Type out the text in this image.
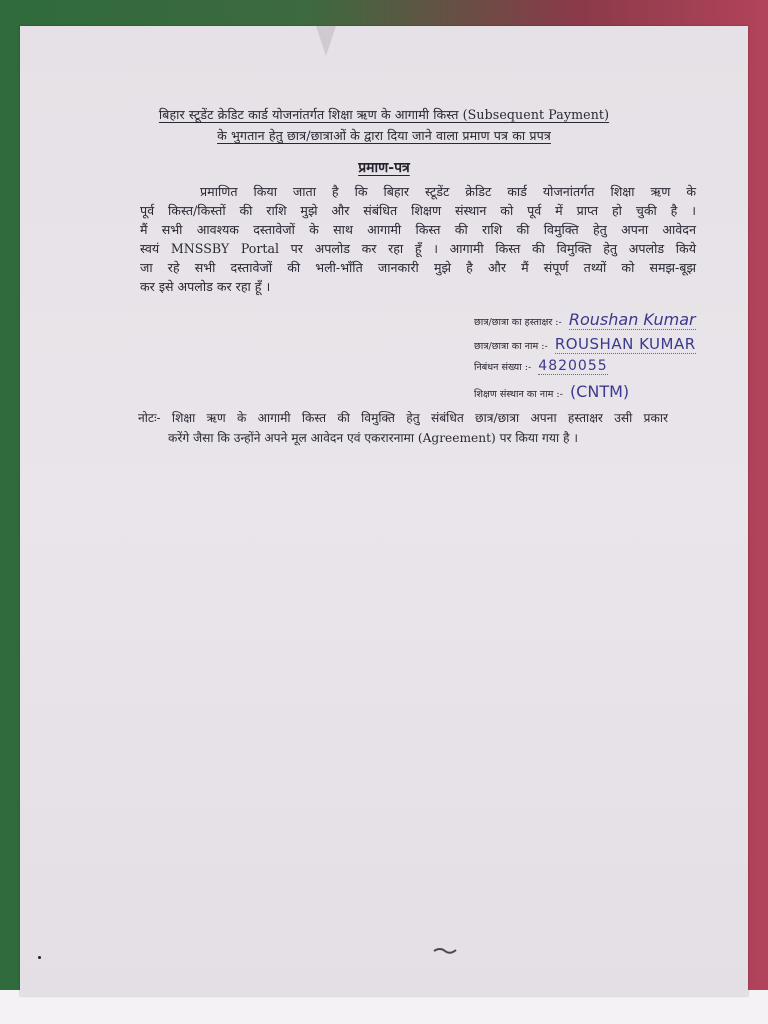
बिहार स्टूडेंट क्रेडिट कार्ड योजनांतर्गत शिक्षा ऋण के आगामी किस्त (Subsequent Payment)
के भुगतान हेतु छात्र/छात्राओं के द्वारा दिया जाने वाला प्रमाण पत्र का प्रपत्र
प्रमाण-पत्र
प्रमाणित किया जाता है कि बिहार स्टूडेंट क्रेडिट कार्ड योजनांतर्गत शिक्षा ऋण के
पूर्व किस्त/किस्तों की राशि मुझे और संबंधित शिक्षण संस्थान को पूर्व में प्राप्त हो चुकी है ।
मैं सभी आवश्यक दस्तावेजों के साथ आगामी किस्त की राशि की विमुक्ति हेतु अपना आवेदन
स्वयं MNSSBY Portal पर अपलोड कर रहा हूँ । आगामी किस्त की विमुक्ति हेतु अपलोड किये
जा रहे सभी दस्तावेजों की भली-भाँति जानकारी मुझे है और मैं संपूर्ण तथ्यों को समझ-बूझ
कर इसे अपलोड कर रहा हूँ ।
छात्र/छात्रा का हस्ताक्षर :- Roushan Kumar
छात्र/छात्रा का नाम :- ROUSHAN KUMAR
निबंधन संख्या :- 4820055
शिक्षण संस्थान का नाम :- (CNTM)
नोटः- शिक्षा ऋण के आगामी किस्त की विमुक्ति हेतु संबंधित छात्र/छात्रा अपना हस्ताक्षर उसी प्रकार
करेंगे जैसा कि उन्होंने अपने मूल आवेदन एवं एकरारनामा (Agreement) पर किया गया है ।
